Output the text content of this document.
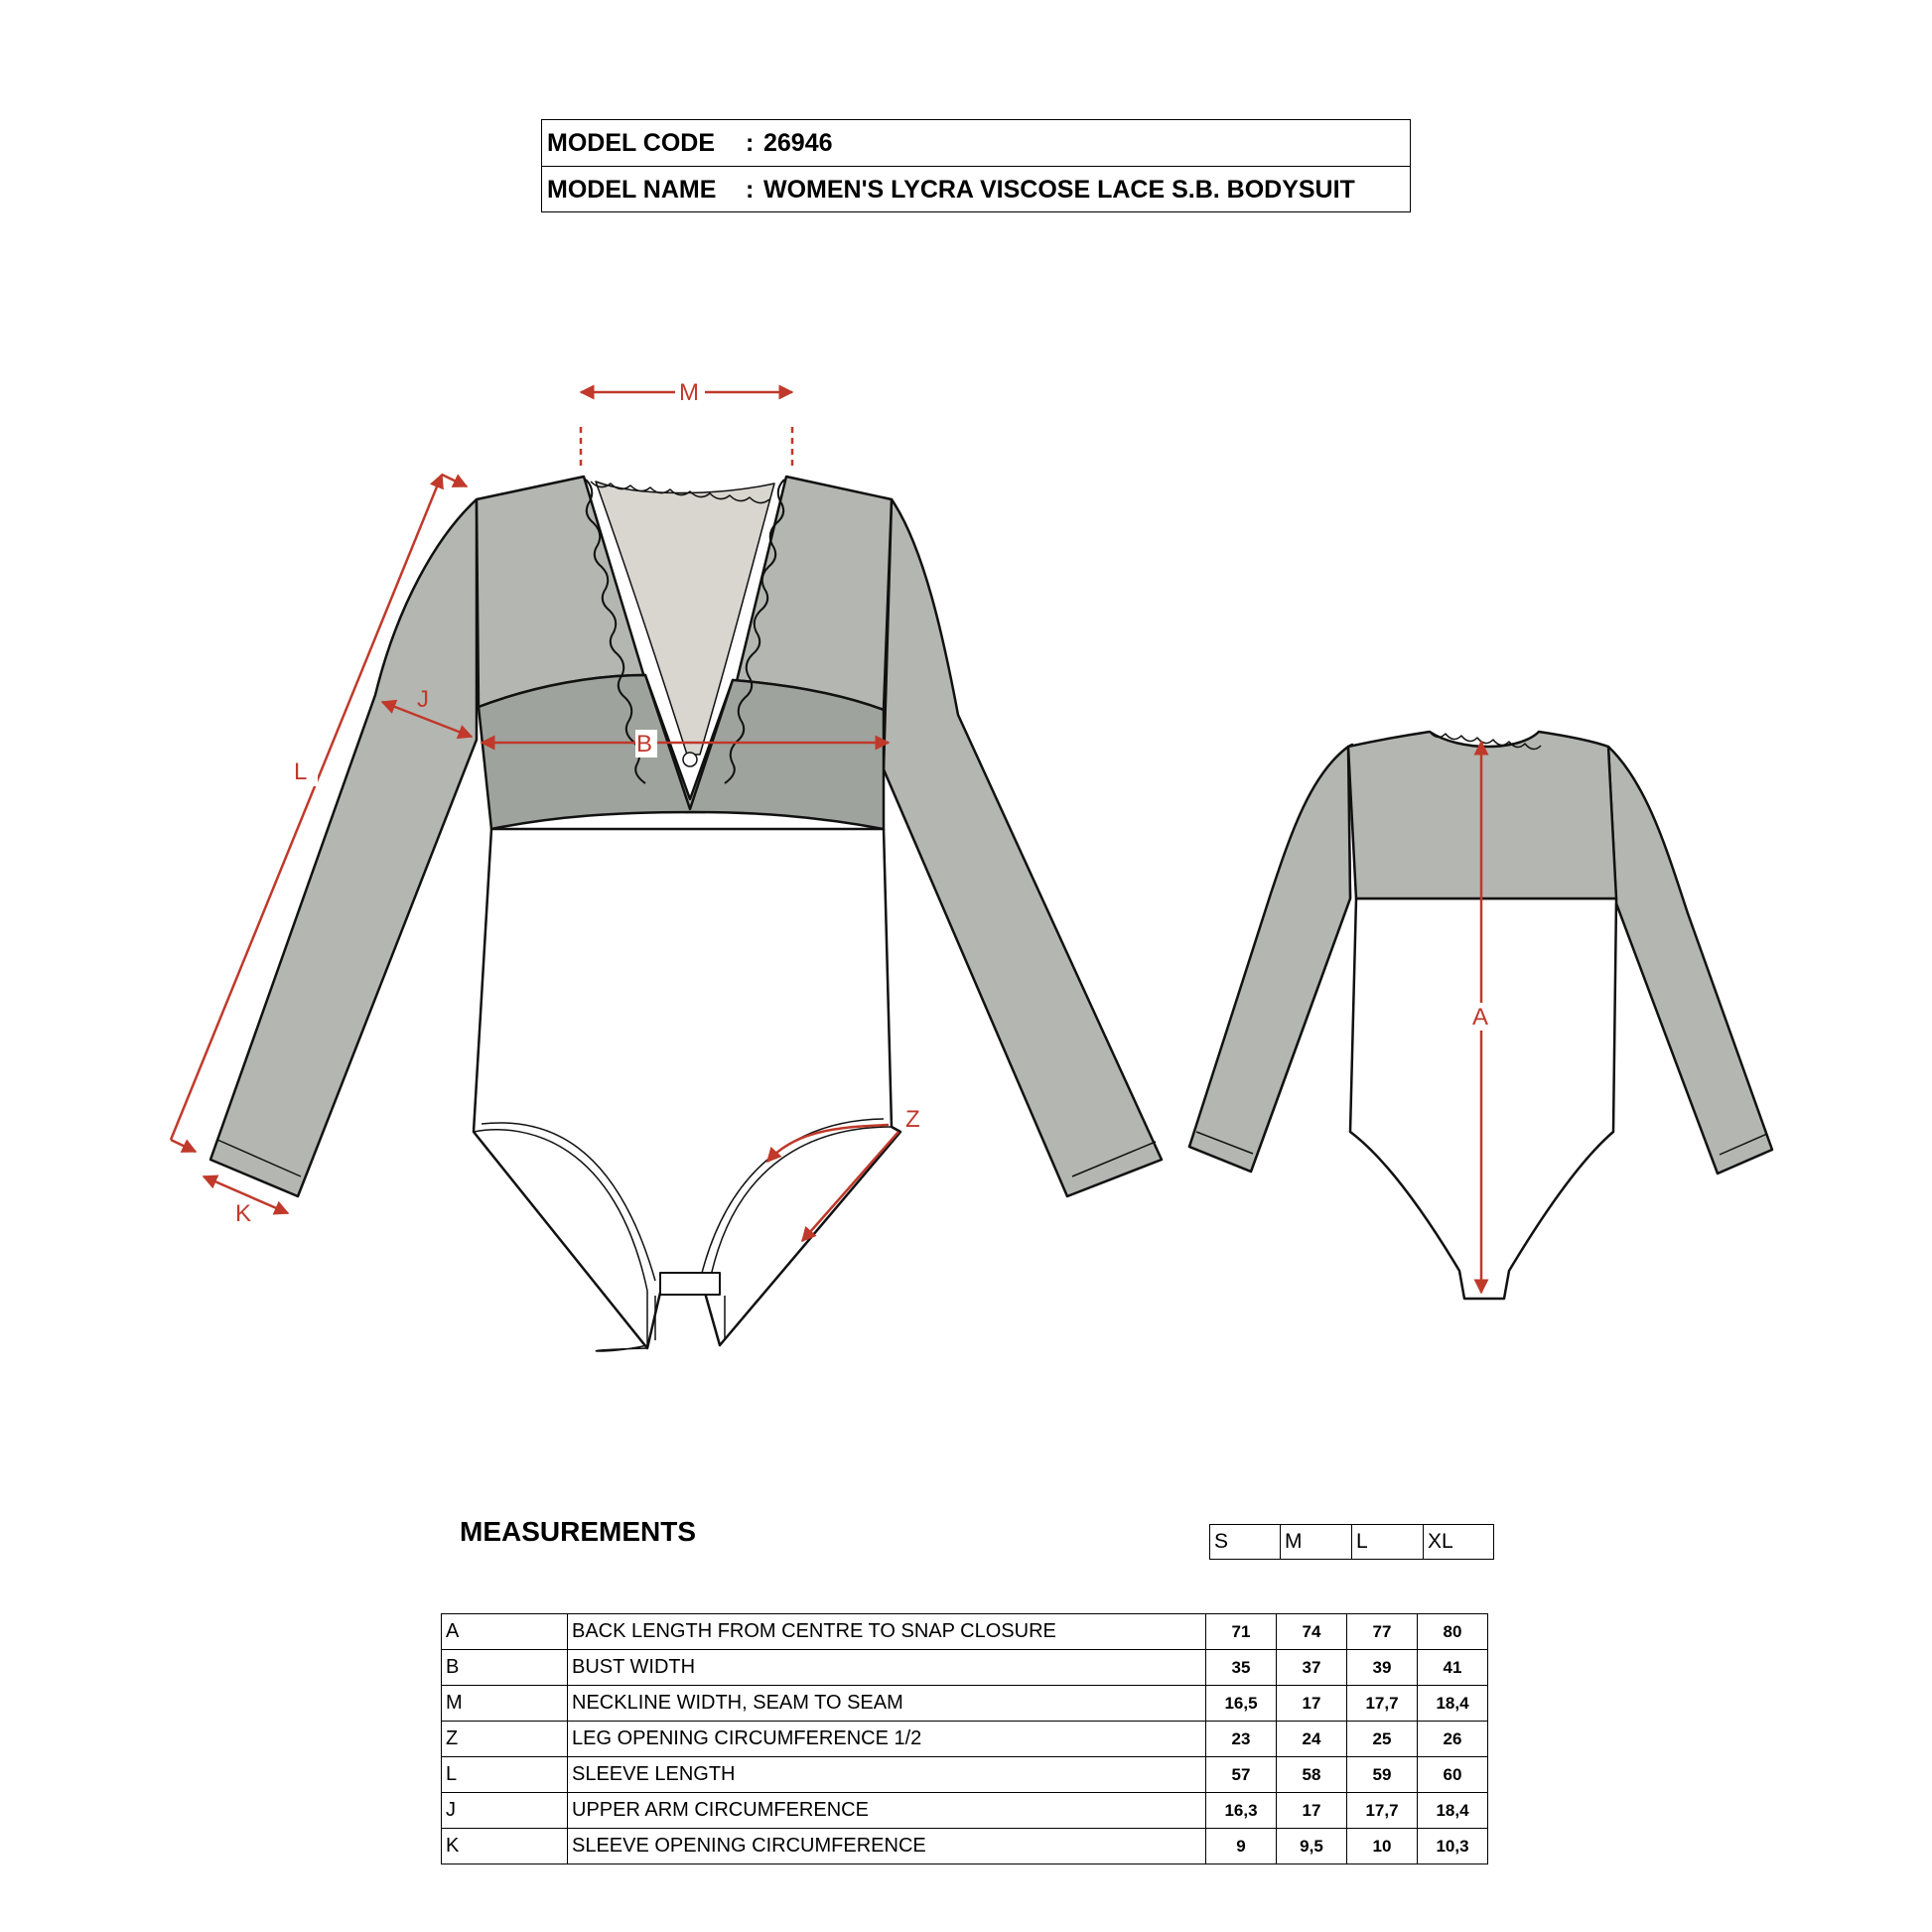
MODEL CODE	: 26946
MODEL NAME	: WOMEN'S LYCRA VISCOSE LACE S.B. BODYSUIT
M
L
J
B
K
Z
A
MEASUREMENTS	S	M	L	XL
A	BACK LENGTH FROM CENTRE TO SNAP CLOSURE	71	74	77	80
B	BUST WIDTH	35	37	39	41
M	NECKLINE WIDTH, SEAM TO SEAM	16,5	17	17,7	18,4
Z	LEG OPENING CIRCUMFERENCE 1/2	23	24	25	26
L	SLEEVE LENGTH	57	58	59	60
J	UPPER ARM CIRCUMFERENCE	16,3	17	17,7	18,4
K	SLEEVE OPENING CIRCUMFERENCE	9	9,5	10	10,3
